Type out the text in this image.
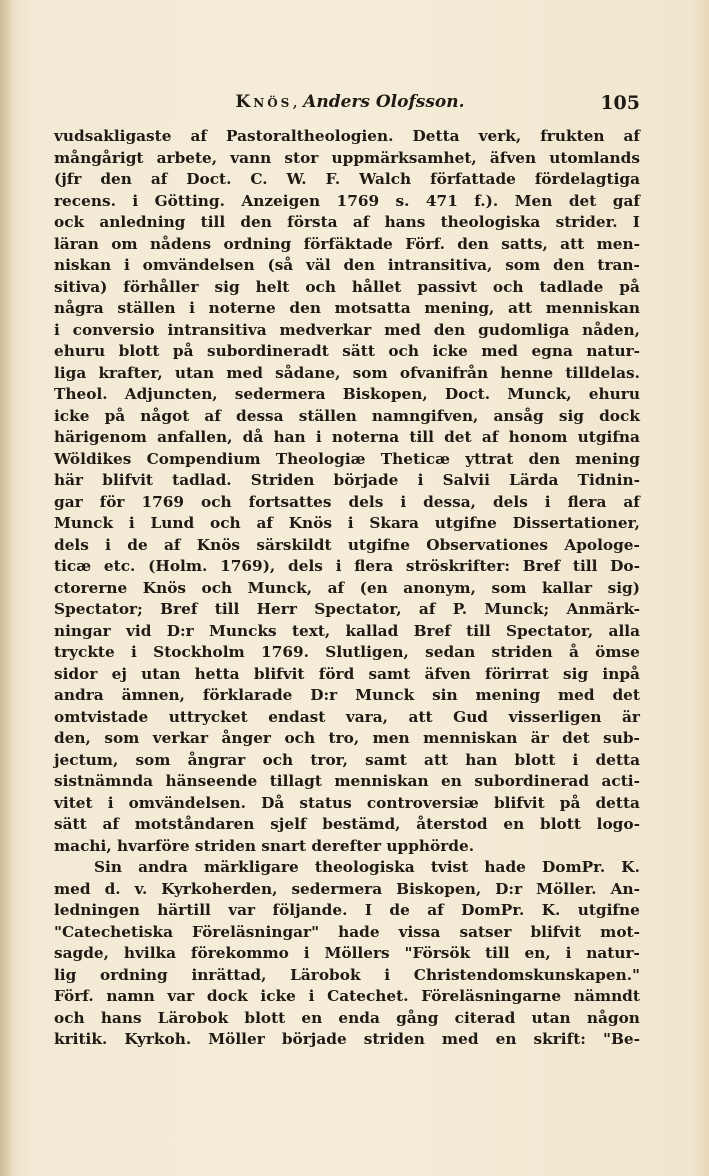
Knös, Anders Olofsson.	105
vudsakligaste af Pastoraltheologien. Detta verk, frukten af
mångårigt arbete, vann stor uppmärksamhet, äfven utomlands
(jfr den af Doct. C. W. F. Walch författade fördelagtiga
recens. i Götting. Anzeigen 1769 s. 471 f.). Men det gaf
ock anledning till den första af hans theologiska strider. I
läran om nådens ordning förfäktade Förf. den satts, att men-
niskan i omvändelsen (så väl den intransitiva, som den tran-
sitiva) förhåller sig helt och hållet passivt och tadlade på
några ställen i noterne den motsatta mening, att menniskan
i conversio intransitiva medverkar med den gudomliga nåden,
ehuru blott på subordineradt sätt och icke med egna natur-
liga krafter, utan med sådane, som ofvanifrån henne tilldelas.
Theol. Adjuncten, sedermera Biskopen, Doct. Munck, ehuru
icke på något af dessa ställen namngifven, ansåg sig dock
härigenom anfallen, då han i noterna till det af honom utgifna
Wöldikes Compendium Theologiæ Theticæ yttrat den mening
här blifvit tadlad. Striden började i Salvii Lärda Tidnin-
gar för 1769 och fortsattes dels i dessa, dels i flera af
Munck i Lund och af Knös i Skara utgifne Dissertationer,
dels i de af Knös särskildt utgifne Observationes Apologe-
ticæ etc. (Holm. 1769), dels i flera ströskrifter: Bref till Do-
ctorerne Knös och Munck, af (en anonym, som kallar sig)
Spectator; Bref till Herr Spectator, af P. Munck; Anmärk-
ningar vid D:r Muncks text, kallad Bref till Spectator, alla
tryckte i Stockholm 1769. Slutligen, sedan striden å ömse
sidor ej utan hetta blifvit förd samt äfven förirrat sig inpå
andra ämnen, förklarade D:r Munck sin mening med det
omtvistade uttrycket endast vara, att Gud visserligen är
den, som verkar ånger och tro, men menniskan är det sub-
jectum, som ångrar och tror, samt att han blott i detta
sistnämnda hänseende tillagt menniskan en subordinerad acti-
vitet i omvändelsen. Då status controversiæ blifvit på detta
sätt af motståndaren sjelf bestämd, återstod en blott logo-
machi, hvarföre striden snart derefter upphörde.
Sin andra märkligare theologiska tvist hade DomPr. K.
med d. v. Kyrkoherden, sedermera Biskopen, D:r Möller. An-
ledningen härtill var följande. I de af DomPr. K. utgifne
"Catechetiska Föreläsningar" hade vissa satser blifvit mot-
sagde, hvilka förekommo i Möllers "Försök till en, i natur-
lig ordning inrättad, Lärobok i Christendomskunskapen."
Förf. namn var dock icke i Catechet. Föreläsningarne nämndt
och hans Lärobok blott en enda gång citerad utan någon
kritik. Kyrkoh. Möller började striden med en skrift: "Be-
